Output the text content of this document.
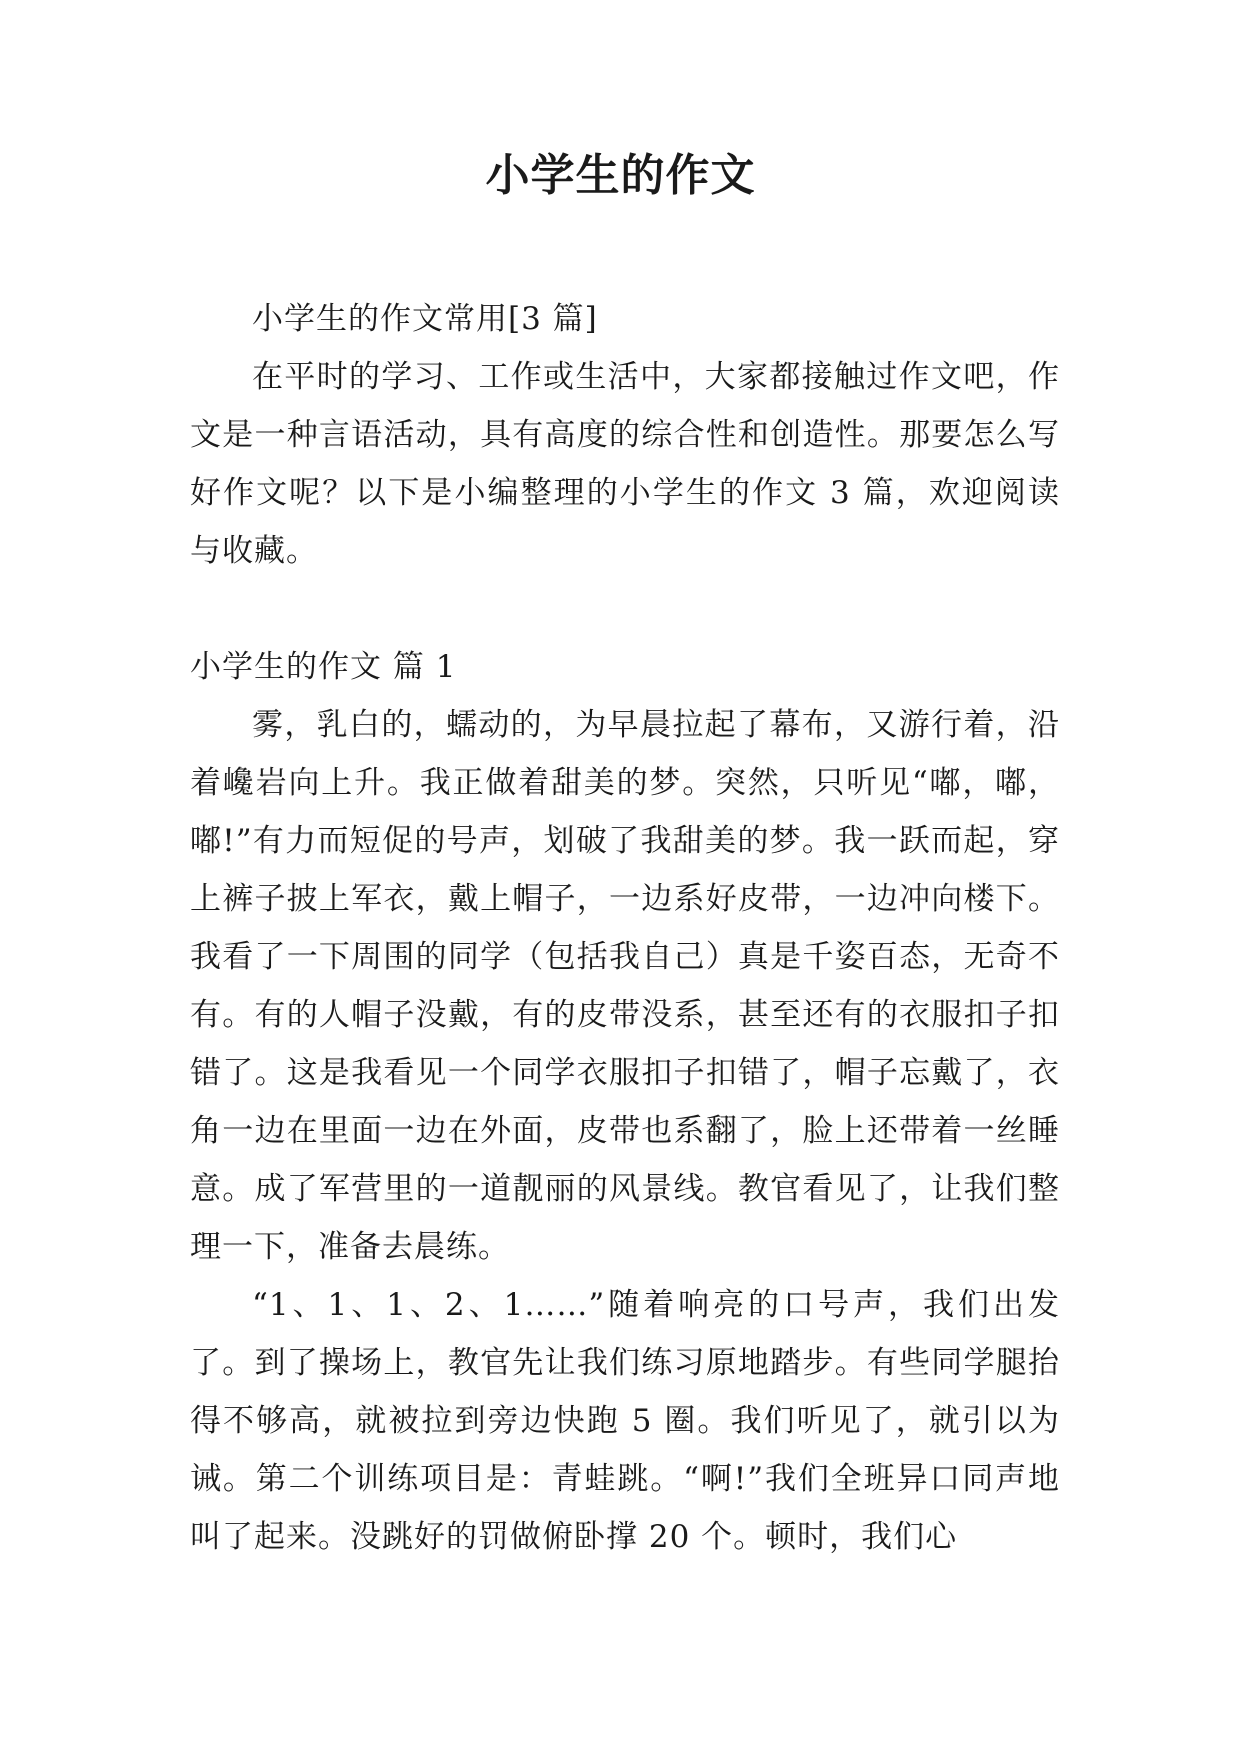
小学生的作文

小学生的作文常用[3 篇]

在平时的学习、工作或生活中，大家都接触过作文吧，作文是一种言语活动，具有高度的综合性和创造性。那要怎么写好作文呢？以下是小编整理的小学生的作文 3 篇，欢迎阅读与收藏。

小学生的作文 篇 1

雾，乳白的，蠕动的，为早晨拉起了幕布，又游行着，沿着巉岩向上升。我正做着甜美的梦。突然，只听见“嘟，嘟，嘟!”有力而短促的号声，划破了我甜美的梦。我一跃而起，穿上裤子披上军衣，戴上帽子，一边系好皮带，一边冲向楼下。我看了一下周围的同学（包括我自己）真是千姿百态，无奇不有。有的人帽子没戴，有的皮带没系，甚至还有的衣服扣子扣错了。这是我看见一个同学衣服扣子扣错了，帽子忘戴了，衣角一边在里面一边在外面，皮带也系翻了，脸上还带着一丝睡意。成了军营里的一道靓丽的风景线。教官看见了，让我们整理一下，准备去晨练。

“1、1、1、2、1……”随着响亮的口号声，我们出发了。到了操场上，教官先让我们练习原地踏步。有些同学腿抬得不够高，就被拉到旁边快跑 5 圈。我们听见了，就引以为诫。第二个训练项目是：青蛙跳。“啊!”我们全班异口同声地叫了起来。没跳好的罚做俯卧撑 20 个。顿时，我们心
